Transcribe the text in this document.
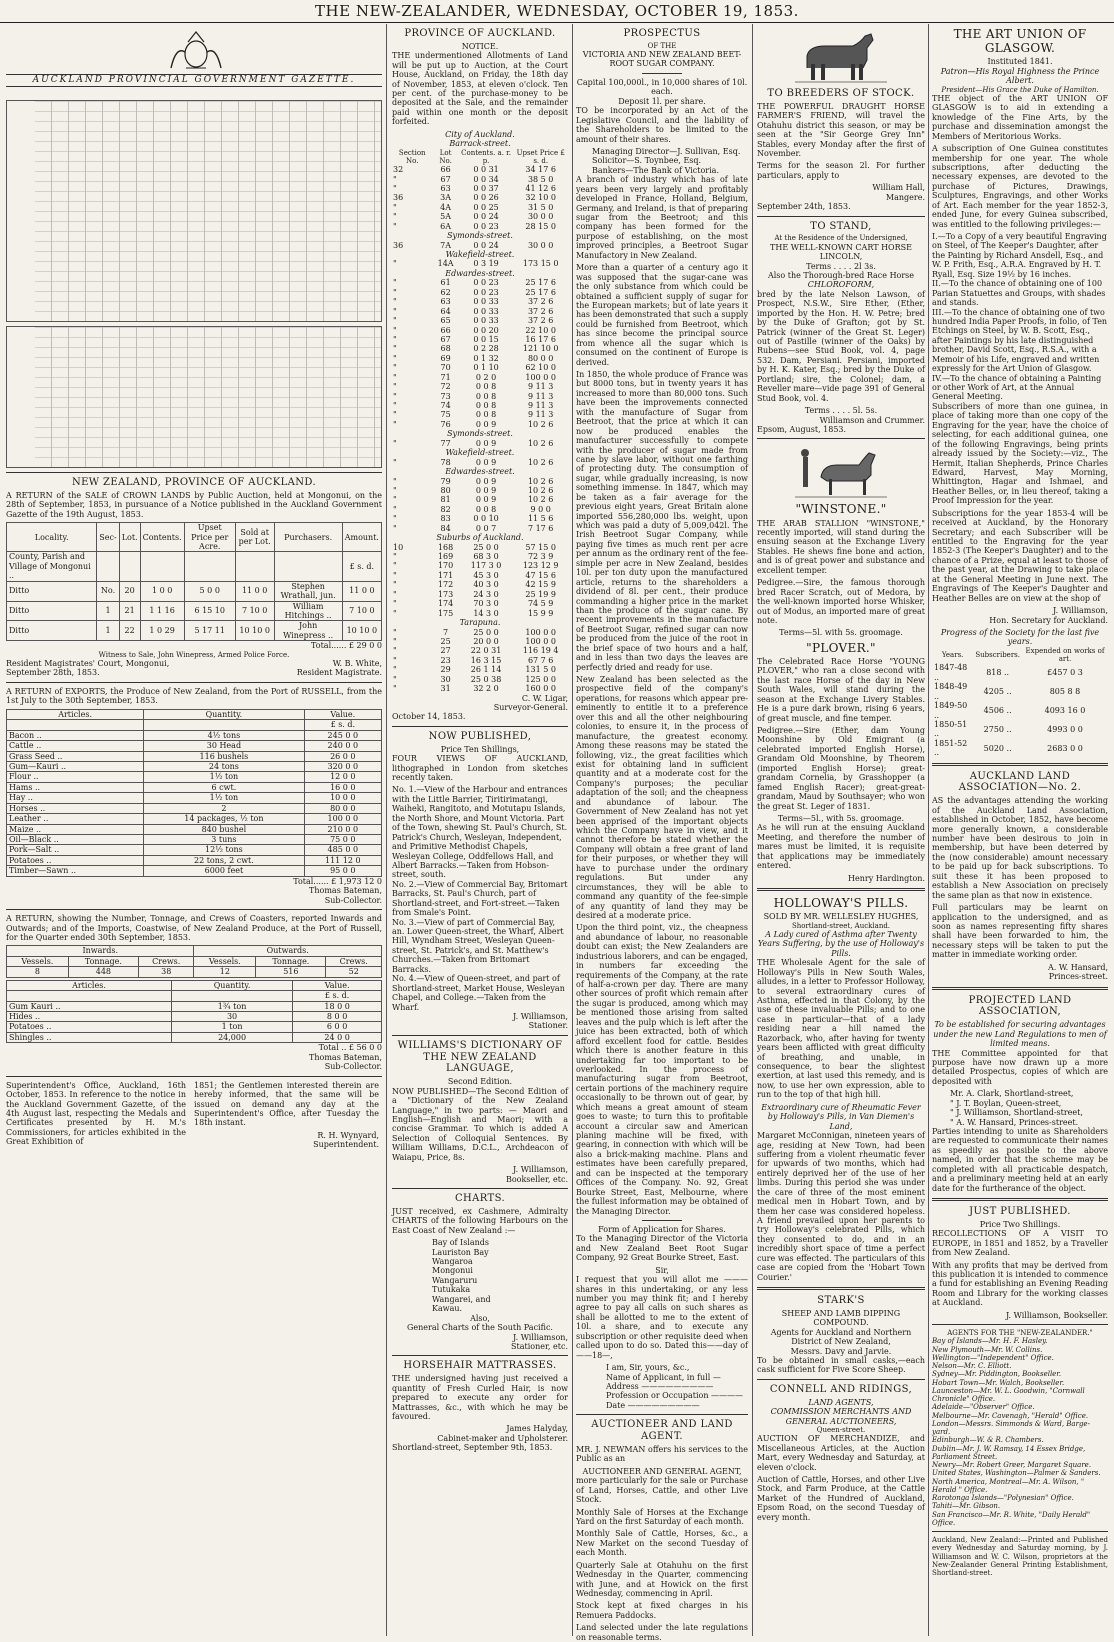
THE NEW-ZEALANDER, WEDNESDAY, OCTOBER 19, 1853.
AUCKLAND PROVINCIAL GOVERNMENT GAZETTE.
NEW ZEALAND, PROVINCE OF AUCKLAND.

A RETURN of the SALE of CROWN LANDS by Public Auction, held at Mongonui, on the 28th of September, 1853, in pursuance of a Notice published in the Auckland Government Gazette of the 19th August, 1853.

Locality.	Sec-	Lot.	Contents.	Upset Price per Acre.	Sold at per Lot.	Purchasers.	Amount.
County, Parish and Village of Mongonui ..							£ s. d.
Ditto	No.	20	1 0 0	5 0 0	11 0 0	Stephen Wrathall, jun.	11 0 0
Ditto	1	21	1 1 16	6 15 10	7 10 0	William Hitchings ..	7 10 0
Ditto	1	22	1 0 29	5 17 11	10 10 0	John Winepress ..	10 10 0
Total...... £ 29 0 0
Witness to Sale, John Winepress, Armed Police Force.
Resident Magistrates' Court, Mongonui, September 28th, 1853.
W. B. White,
Resident Magistrate.

A RETURN of EXPORTS, the Produce of New Zealand, from the Port of RUSSELL, from the 1st July to the 30th September, 1853.

Articles.	Quantity.	Value.
		£ s. d.
Bacon ..	4½ tons	245 0 0
Cattle ..	30 Head	240 0 0
Grass Seed ..	116 bushels	26 0 0
Gum—Kauri ..	24 tons	320 0 0
Flour ..	1½ ton	12 0 0
Hams ..	6 cwt.	16 0 0
Hay ..	1½ ton	10 0 0
Horses ..	2	80 0 0
Leather ..	14 packages, ½ ton	100 0 0
Maize ..	840 bushel	210 0 0
Oil—Black ..	3 tuns	75 0 0
Pork—Salt ..	12½ tons	485 0 0
Potatoes ..	22 tons, 2 cwt.	111 12 0
Timber—Sawn ..	6000 feet	95 0 0
Total...... £ 1,973 12 0
Thomas Bateman,
Sub-Collector.

A RETURN, showing the Number, Tonnage, and Crews of Coasters, reported Inwards and Outwards; and of the Imports, Coastwise, of New Zealand Produce, at the Port of Russell, for the Quarter ended 30th September, 1853.

Inwards.			Outwards.		
Vessels.	Tonnage.	Crews.	Vessels.	Tonnage.	Crews.
8	448	38	12	516	52
Articles.	Quantity.	Value.
		£ s. d.
Gum Kauri ..	1¾ ton	18 0 0
Hides ..	30	8 0 0
Potatoes ..	1 ton	6 0 0
Shingles ..	24,000	24 0 0
Total .. £ 56 0 0
Thomas Bateman,
Sub-Collector.

Superintendent's Office, Auckland, 16th October, 1853. In reference to the notice in the Auckland Government Gazette, of the 4th August last, respecting the Medals and Certificates presented by H. M.'s Commissioners, for articles exhibited in the Great Exhibition of

1851; the Gentlemen interested therein are hereby informed, that the same will be issued on demand any day at the Superintendent's Office, after Tuesday the 18th instant.

R. H. Wynyard,
Superintendent.
PROVINCE OF AUCKLAND.
NOTICE.

THE undermentioned Allotments of Land will be put up to Auction, at the Court House, Auckland, on Friday, the 18th day of November, 1853, at eleven o'clock. Ten per cent. of the purchase-money to be deposited at the Sale, and the remainder paid within one month or the deposit forfeited.

City of Auckland.
Barrack-street.
Section No.	Lot No.	Contents. a. r. p.	Upset Price £ s. d.
32	66	0 0 31	34 17 6
"	67	0 0 34	38 5 0
"	63	0 0 37	41 12 6
36	3A	0 0 26	32 10 0
"	4A	0 0 25	31 5 0
"	5A	0 0 24	30 0 0
"	6A	0 0 23	28 15 0
Symonds-street.			
36	7A	0 0 24	30 0 0
Wakefield-street.			
"	14A	0 3 19	173 15 0
Edwardes-street.			
"	61	0 0 23	25 17 6
"	62	0 0 23	25 17 6
"	63	0 0 33	37 2 6
"	64	0 0 33	37 2 6
"	65	0 0 33	37 2 6
"	66	0 0 20	22 10 0
"	67	0 0 15	16 17 6
"	68	0 2 28	121 10 0
"	69	0 1 32	80 0 0
"	70	0 1 10	62 10 0
"	71	0 2 0	100 0 0
"	72	0 0 8	9 11 3
"	73	0 0 8	9 11 3
"	74	0 0 8	9 11 3
"	75	0 0 8	9 11 3
"	76	0 0 9	10 2 6
Symonds-street.			
"	77	0 0 9	10 2 6
Wakefield-street.			
"	78	0 0 9	10 2 6
Edwardes-street.			
"	79	0 0 9	10 2 6
"	80	0 0 9	10 2 6
"	81	0 0 9	10 2 6
"	82	0 0 8	9 0 0
"	83	0 0 10	11 5 6
"	84	0 0 7	7 17 6
Suburbs of Auckland.			
10	168	25 0 0	57 15 0
"	169	68 3 0	72 3 9
"	170	117 3 0	123 12 9
"	171	45 3 0	47 15 6
"	172	40 3 0	42 15 9
"	173	24 3 0	25 19 9
"	174	70 3 0	74 5 9
"	175	14 3 0	15 9 9
Tarapuna.			
"	7	25 0 0	100 0 0
"	25	20 0 0	100 0 0
"	27	22 0 31	116 19 4
"	23	16 3 15	67 7 6
"	29	26 1 14	131 5 0
"	30	25 0 38	125 0 0
"	31	32 2 0	160 0 0
C. W. Ligar,
Surveyor-General.
October 14, 1853.
NOW PUBLISHED,
Price Ten Shillings,

FOUR VIEWS OF AUCKLAND, lithographed in London from sketches recently taken.

No. 1.—View of the Harbour and entrances with the Little Barrier, Tiritirimatangi, Waiheki, Rangitoto, and Motutapu Islands, the North Shore, and Mount Victoria. Part of the Town, shewing St. Paul's Church, St. Patrick's Church, Wesleyan, Independent, and Primitive Methodist Chapels, Wesleyan College, Oddfellows Hall, and Albert Barracks.—Taken from Hobson-street, south.
No. 2.—View of Commercial Bay, Britomart Barracks, St. Paul's Church, part of Shortland-street, and Fort-street.—Taken from Smale's Point.
No. 3.—View of part of Commercial Bay, an. Lower Queen-street, the Wharf, Albert Hill, Wyndham Street, Wesleyan Queen-street, St. Patrick's, and St. Matthew's Churches.—Taken from Britomart Barracks.
No. 4.—View of Queen-street, and part of Shortland-street, Market House, Wesleyan Chapel, and College.—Taken from the Wharf.
J. Williamson,
Stationer.
WILLIAMS'S DICTIONARY OF THE NEW ZEALAND LANGUAGE,
Second Edition.

NOW PUBLISHED—The Second Edition of a "Dictionary of the New Zealand Language," in two parts: — Maori and English—English and Maori; with a concise Grammar. To which is added A Selection of Colloquial Sentences. By William Williams, D.C.L., Archdeacon of Waiapu, Price, 8s.

J. Williamson,
Bookseller, etc.
CHARTS.

JUST received, ex Cashmere, Admiralty CHARTS of the following Harbours on the East Coast of New Zealand :—

Bay of Islands
Lauriston Bay
Wangaroa
Mongonui
Wangaruru
Tutukaka
Wangarei, and
Kawau.
Also,
General Charts of the South Pacific.
J. Williamson,
Stationer, etc.
HORSEHAIR MATTRASSES.

THE undersigned having just received a quantity of Fresh Curled Hair, is now prepared to execute any order for Mattrasses, &c., with which he may be favoured.

James Halyday,
Cabinet-maker and Upholsterer.
Shortland-street, September 9th, 1853.
PROSPECTUS
OF THE
VICTORIA AND NEW ZEALAND BEET-ROOT SUGAR COMPANY.
Capital 100,000l., in 10,000 shares of 10l. each.
Deposit 1l. per share.

TO be incorporated by an Act of the Legislative Council, and the liability of the Shareholders to be limited to the amount of their shares.

Managing Director—J. Sullivan, Esq.
Solicitor—S. Toynbee, Esq.
Bankers—The Bank of Victoria.

A branch of industry which has of late years been very largely and profitably developed in France, Holland, Belgium, Germany, and Ireland, is that of preparing sugar from the Beetroot; and this company has been formed for the purpose of establishing, on the most improved principles, a Beetroot Sugar Manufactory in New Zealand.

More than a quarter of a century ago it was supposed that the sugar-cane was the only substance from which could be obtained a sufficient supply of sugar for the European markets; but of late years it has been demonstrated that such a supply could be furnished from Beetroot, which has since become the principal source from whence all the sugar which is consumed on the continent of Europe is derived.

In 1850, the whole produce of France was but 8000 tons, but in twenty years it has increased to more than 80,000 tons. Such have been the improvements connected with the manufacture of Sugar from Beetroot, that the price at which it can now be produced enables the manufacturer successfully to compete with the producer of sugar made from cane by slave labor, without one farthing of protecting duty. The consumption of sugar, while gradually increasing, is now something immense. In 1847, which may be taken as a fair average for the previous eight years, Great Britain alone imported 556,280,000 lbs. weight, upon which was paid a duty of 5,009,042l. The Irish Beetroot Sugar Company, while paying five times as much rent per acre per annum as the ordinary rent of the fee-simple per acre in New Zealand, besides 10l. per ton duty upon the manufactured article, returns to the shareholders a dividend of 8l. per cent., their produce commanding a higher price in the market than the produce of the sugar cane. By recent improvements in the manufacture of Beetroot Sugar, refined sugar can now be produced from the juice of the root in the brief space of two hours and a half, and in less than two days the leaves are perfectly dried and ready for use.

New Zealand has been selected as the prospective field of the company's operations, for reasons which appear pre-eminently to entitle it to a preference over this and all the other neighbouring colonies, to ensure it, in the process of manufacture, the greatest economy. Among these reasons may be stated the following, viz., the great facilities which exist for obtaining land in sufficient quantity and at a moderate cost for the Company's purposes; the peculiar adaptation of the soil; and the cheapness and abundance of labour. The Government of New Zealand has not yet been apprised of the important objects which the Company have in view, and it cannot therefore be stated whether the Company will obtain a free grant of land for their purposes, or whether they will have to purchase under the ordinary regulations. But under any circumstances, they will be able to command any quantity of the fee-simple of any quantity of land they may be desired at a moderate price.

Upon the third point, viz., the cheapness and abundance of labour, no reasonable doubt can exist; the New Zealanders are industrious laborers, and can be engaged, in numbers far exceeding the requirements of the Company, at the rate of half-a-crown per day. There are many other sources of profit which remain after the sugar is produced, among which may be mentioned those arising from salted leaves and the pulp which is left after the juice has been extracted, both of which afford excellent food for cattle. Besides which there is another feature in this undertaking far too important to be overlooked. In the process of manufacturing sugar from Beetroot, certain portions of the machinery require occasionally to be thrown out of gear, by which means a great amount of steam goes to waste; to turn this to profitable account a circular saw and American planing machine will be fixed, with gearing, in connection with which will be also a brick-making machine. Plans and estimates have been carefully prepared, and can be inspected at the temporary Offices of the Company. No. 92, Great Bourke Street, East, Melbourne, where the fullest information may be obtained of the Managing Director.

Form of Application for Shares.

To the Managing Director of the Victoria and New Zealand Beet Root Sugar Company, 92 Great Bourke Street, East.

Sir,

I request that you will allot me ——— shares in this undertaking, or any less number you may think fit; and I hereby agree to pay all calls on such shares as shall be allotted to me to the extent of 10l. a share, and to execute any subscription or other requisite deed when called upon to do so. Dated this——day of——18—,

I am, Sir, yours, &c.,
Name of Applicant, in full —
Address —————————
Profession or Occupation ————
Date —————————
AUCTIONEER AND LAND AGENT.

MR. J. NEWMAN offers his services to the Public as an

AUCTIONEER AND GENERAL AGENT,

more particularly for the sale or Purchase of Land, Horses, Cattle, and other Live Stock.

Monthly Sale of Horses at the Exchange Yard on the first Saturday of each month.

Monthly Sale of Cattle, Horses, &c., a New Market on the second Tuesday of each Month.

Quarterly Sale at Otahuhu on the first Wednesday in the Quarter, commencing with June, and at Howick on the first Wednesday, commencing in April.

Stock kept at fixed charges in his Remuera Paddocks.

Land selected under the late regulations on reasonable terms.

TO BREEDERS OF STOCK.

THE POWERFUL DRAUGHT HORSE FARMER'S FRIEND, will travel the Otahuhu district this season, or may be seen at the "Sir George Grey Inn" Stables, every Monday after the first of November.

Terms for the season 2l. For further particulars, apply to

William Hall,
Mangere.
September 24th, 1853.
TO STAND,
At the Residence of the Undersigned,
THE WELL-KNOWN CART HORSE LINCOLN,
Terms . . . . 2l 3s.
Also the Thorough-bred Race Horse
CHLOROFORM,

bred by the late Nelson Lawson, of Prospect, N.S.W., Sire Ether, (Ether, imported by the Hon. H. W. Petre; bred by the Duke of Grafton; got by St. Patrick (winner of the Great St. Leger) out of Pastille (winner of the Oaks) by Rubens—see Stud Book, vol. 4, page 532. Dam, Persiani. Persiani, imported by H. K. Kater, Esq.; bred by the Duke of Portland; sire, the Colonel; dam, a Reveller mare—vide page 391 of General Stud Book, vol. 4.

Terms . . . . 5l. 5s.
Williamson and Crummer.
Epsom, August, 1853.
"WINSTONE."

THE ARAB STALLION "WINSTONE," recently imported, will stand during the ensuing season at the Exchange Livery Stables. He shews fine bone and action, and is of great power and substance and excellent temper.

Pedigree.—Sire, the famous thorough bred Racer Scratch, out of Medora, by the well-known imported horse Whisker, out of Modus, an imported mare of great note.

Terms—5l. with 5s. groomage.
"PLOVER."

The Celebrated Race Horse "YOUNG PLOVER," who ran a close second with the last race Horse of the day in New South Wales, will stand during the season at the Exchange Livery Stables. He is a pure dark brown, rising 6 years, of great muscle, and fine temper.

Pedigree.—Sire (Ether, dam Young Moonshine by Old Emigrant (a celebrated imported English Horse), Grandam Old Moonshine, by Theorem (imported English Horse); great-grandam Cornelia, by Grasshopper (a famed English Racer); great-great-grandam, Maud by Southsayer; who won the great St. Leger of 1831.

Terms—5l., with 5s. groomage.

As he will run at the ensuing Auckland Meeting, and therefore the number of mares must be limited, it is requisite that applications may be immediately entered.

Henry Hardington.
HOLLOWAY'S PILLS.
SOLD BY MR. WELLESLEY HUGHES,
Shortland-street, Auckland.
A Lady cured of Asthma after Twenty Years Suffering, by the use of Holloway's Pills.

THE Wholesale Agent for the sale of Holloway's Pills in New South Wales, alludes, in a letter to Professor Holloway, to several extraordinary cures of Asthma, effected in that Colony, by the use of these invaluable Pills; and to one case in particular—that of a lady residing near a hill named the Razorback, who, after having for twenty years been afflicted with great difficulty of breathing, and unable, in consequence, to bear the slightest exertion, at last used this remedy, and is now, to use her own expression, able to run to the top of that high hill.

Extraordinary cure of Rheumatic Fever by Holloway's Pills, in Van Diemen's Land,

Margaret McConnigan, nineteen years of age, residing at New Town, had been suffering from a violent rheumatic fever for upwards of two months, which had entirely deprived her of the use of her limbs. During this period she was under the care of three of the most eminent medical men in Hobart Town, and by them her case was considered hopeless. A friend prevailed upon her parents to try Holloway's celebrated Pills, which they consented to do, and in an incredibly short space of time a perfect cure was effected. The particulars of this case are copied from the 'Hobart Town Courier.'

STARK'S
SHEEP AND LAMB DIPPING COMPOUND.
Agents for Auckland and Northern District of New Zealand,
Messrs. Davy and Jarvie.

To be obtained in small casks,—each cask sufficient for Five Score Sheep.

CONNELL AND RIDINGS,
LAND AGENTS,
COMMISSION MERCHANTS AND
GENERAL AUCTIONEERS,
Queen-street.

AUCTION OF MERCHANDIZE, and Miscellaneous Articles, at the Auction Mart, every Wednesday and Saturday, at eleven o'clock.

Auction of Cattle, Horses, and other Live Stock, and Farm Produce, at the Cattle Market of the Hundred of Auckland, Epsom Road, on the second Tuesday of every month.

THE ART UNION OF GLASGOW.
Instituted 1841.
Patron—His Royal Highness the Prince Albert.
President—His Grace the Duke of Hamilton.

THE object of the ART UNION OF GLASGOW is to aid in extending a knowledge of the Fine Arts, by the purchase and dissemination amongst the Members of Meritorious Works.

A subscription of One Guinea constitutes membership for one year. The whole subscriptions, after deducting the necessary expenses, are devoted to the purchase of Pictures, Drawings, Sculptures, Engravings, and other Works of Art. Each member for the year 1852-3, ended June, for every Guinea subscribed, was entitled to the following privileges:—

I.—To a Copy of a very beautiful Engraving on Steel, of The Keeper's Daughter, after the Painting by Richard Ansdell, Esq., and W. P. Frith, Esq., A.R.A. Engraved by H. T. Ryall, Esq. Size 19½ by 16 inches.
II.—To the chance of obtaining one of 100 Parian Statuettes and Groups, with shades and stands.
III.—To the chance of obtaining one of two hundred India Paper Proofs, in folio, of Ten Etchings on Steel, by W. B. Scott, Esq., after Paintings by his late distinguished brother, David Scott, Esq., R.S.A., with a Memoir of his Life, engraved and written expressly for the Art Union of Glasgow.
IV.—To the chance of obtaining a Painting or other Work of Art, at the Annual General Meeting.

Subscribers of more than one guinea, in place of taking more than one copy of the Engraving for the year, have the choice of selecting, for each additional guinea, one of the following Engravings, being prints already issued by the Society:—viz., The Hermit, Italian Shepherds, Prince Charles Edward, Harvest, May Morning, Whittington, Hagar and Ishmael, and Heather Belles, or, in lieu thereof, taking a Proof Impression for the year.

Subscriptions for the year 1853-4 will be received at Auckland, by the Honorary Secretary; and each Subscriber will be entitled to the Engraving for the year 1852-3 (The Keeper's Daughter) and to the chance of a Prize, equal at least to those of the past year, at the Drawing to take place at the General Meeting in June next. The Engravings of The Keeper's Daughter and Heather Belles are on view at the shop of

J. Williamson,
Hon. Secretary for Auckland.
Progress of the Society for the last five years.
Years.	Subscribers.	Expended on works of art.
1847-48 ..	818 ..	£457 0 3
1848-49 ..	4205 ..	805 8 8
1849-50 ..	4506 ..	4093 16 0
1850-51 ..	2750 ..	4993 0 0
1851-52 ..	5020 ..	2683 0 0
AUCKLAND LAND ASSOCIATION—No. 2.

AS the advantages attending the working of the Auckland Land Association, established in October, 1852, have become more generally known, a considerable number have been desirous to join in membership, but have been deterred by the (now considerable) amount necessary to be paid up for back subscriptions. To suit these it has been proposed to establish a New Association on precisely the same plan as that now in existence.

Full particulars may be learnt on application to the undersigned, and as soon as names representing fifty shares shall have been forwarded to him, the necessary steps will be taken to put the matter in immediate working order.

A. W. Hansard,
Princes-street.
PROJECTED LAND ASSOCIATION,
To be established for securing advantages under the new Land Regulations to men of limited means.

THE Committee appointed for that purpose have now drawn up a more detailed Prospectus, copies of which are deposited with

Mr. A. Clark, Shortland-street,
" J. T. Boylan, Queen-street,
" J. Williamson, Shortland-street,
" A. W. Hansard, Princes-street.

Parties intending to unite as Shareholders are requested to communicate their names as speedily as possible to the above named, in order that the scheme may be completed with all practicable despatch, and a preliminary meeting held at an early date for the furtherance of the object.

JUST PUBLISHED.
Price Two Shillings.

RECOLLECTIONS OF A VISIT TO EUROPE, in 1851 and 1852, by a Traveller from New Zealand.

With any profits that may be derived from this publication it is intended to commence a fund for establishing an Evening Reading Room and Library for the working classes at Auckland.

J. Williamson, Bookseller.
AGENTS FOR THE "NEW-ZEALANDER."
Bay of Islands—Mr. H. F. Hasley.
New Plymouth—Mr. W. Collins.
Wellington—"Independent" Office.
Nelson—Mr. C. Elliott.
Sydney—Mr. Piddington, Bookseller.
Hobart Town—Mr. Walch, Bookseller.
Launceston—Mr. W. L. Goodwin, "Cornwall Chronicle" Office.
Adelaide—"Observer" Office.
Melbourne—Mr. Cavenagh, "Herald" Office.
London—Messrs. Simmonds & Ward, Barge-yard.
Edinburgh—W. & R. Chambers.
Dublin—Mr. J. W. Ramsay, 14 Essex Bridge, Parliament Street.
Newry—Mr. Robert Greer, Margaret Square.
United States, Washington—Palmer & Sanders.
North America, Montreal—Mr. A. Wilson, " Herald " Office.
Rarotonga Islands—"Polynesian" Office.
Tahiti—Mr. Gibson.
San Francisco—Mr. R. White, "Daily Herald" Office.

Auckland, New Zealand:—Printed and Published every Wednesday and Saturday morning, by J. Williamson and W. C. Wilson, proprietors at the New-Zealander General Printing Establishment, Shortland-street.
